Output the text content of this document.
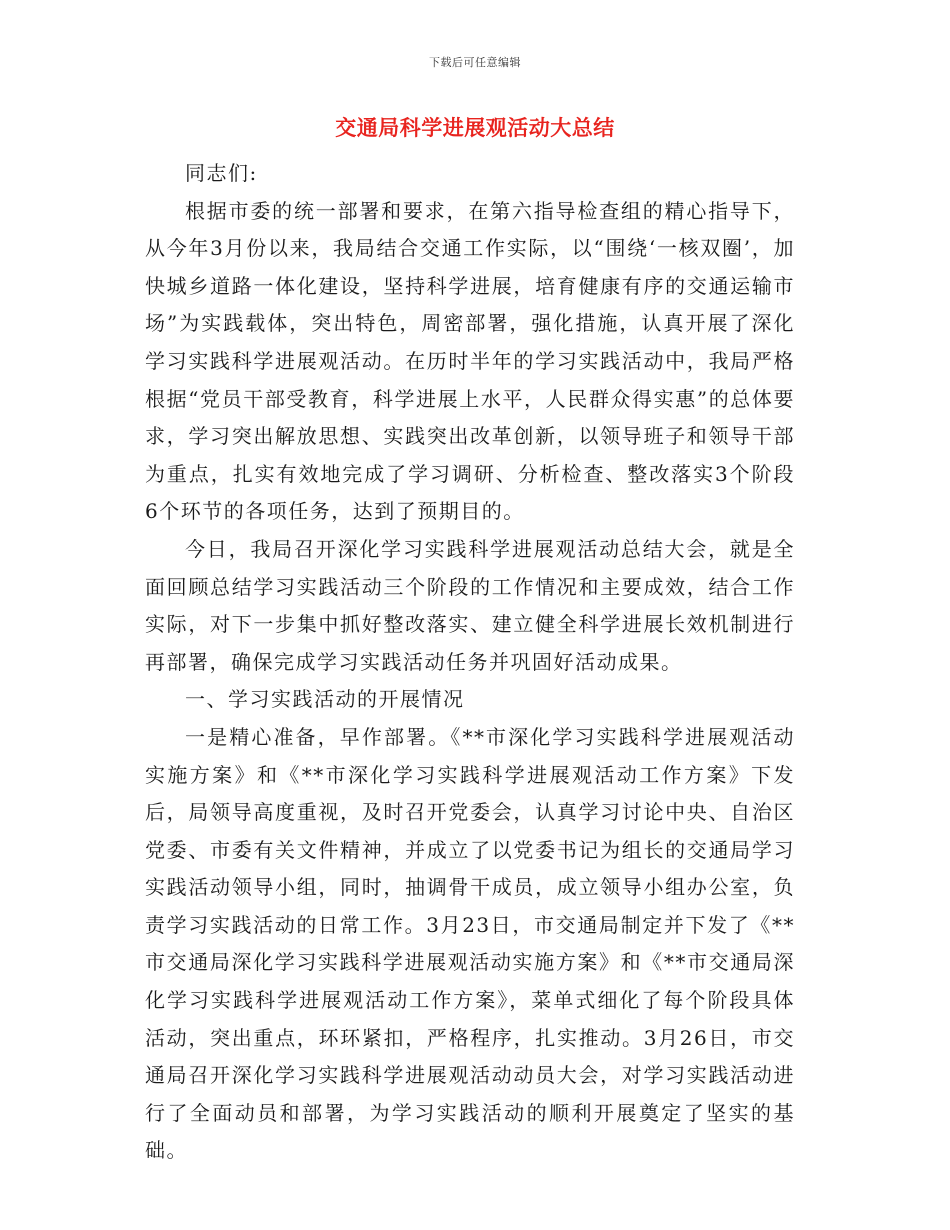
下载后可任意编辑
交通局科学进展观活动大总结

同志们:

根据市委的统一部署和要求，在第六指导检查组的精心指导下，从今年3月份以来，我局结合交通工作实际，以“围绕‘一核双圈’，加快城乡道路一体化建设，坚持科学进展，培育健康有序的交通运输市场”为实践载体，突出特色，周密部署，强化措施，认真开展了深化学习实践科学进展观活动。在历时半年的学习实践活动中，我局严格根据“党员干部受教育，科学进展上水平，人民群众得实惠”的总体要求，学习突出解放思想、实践突出改革创新，以领导班子和领导干部为重点，扎实有效地完成了学习调研、分析检查、整改落实3个阶段6个环节的各项任务，达到了预期目的。

今日，我局召开深化学习实践科学进展观活动总结大会，就是全面回顾总结学习实践活动三个阶段的工作情况和主要成效，结合工作实际，对下一步集中抓好整改落实、建立健全科学进展长效机制进行再部署，确保完成学习实践活动任务并巩固好活动成果。

一、学习实践活动的开展情况

一是精心准备，早作部署。《**市深化学习实践科学进展观活动实施方案》和《**市深化学习实践科学进展观活动工作方案》下发后，局领导高度重视，及时召开党委会，认真学习讨论中央、自治区党委、市委有关文件精神，并成立了以党委书记为组长的交通局学习实践活动领导小组，同时，抽调骨干成员，成立领导小组办公室，负责学习实践活动的日常工作。3月23日，市交通局制定并下发了《**市交通局深化学习实践科学进展观活动实施方案》和《**市交通局深化学习实践科学进展观活动工作方案》，菜单式细化了每个阶段具体活动，突出重点，环环紧扣，严格程序，扎实推动。3月26日，市交通局召开深化学习实践科学进展观活动动员大会，对学习实践活动进行了全面动员和部署，为学习实践活动的顺利开展奠定了坚实的基础。
